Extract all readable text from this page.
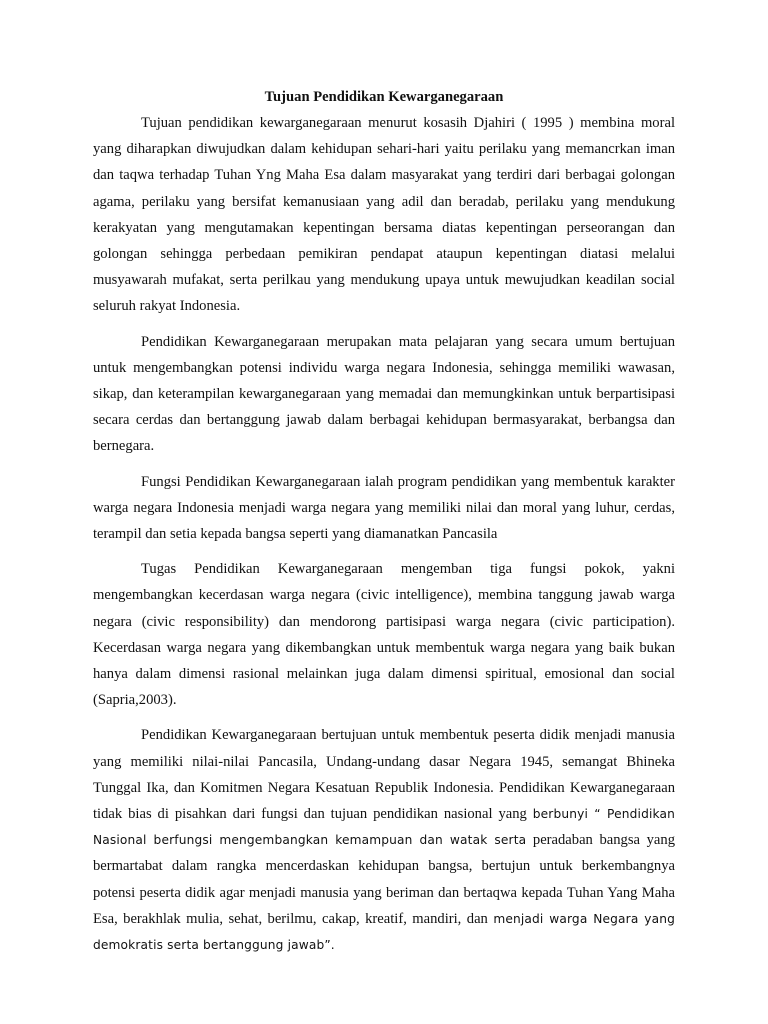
Tujuan Pendidikan Kewarganegaraan

Tujuan pendidikan kewarganegaraan menurut kosasih Djahiri ( 1995 ) membina moral yang diharapkan diwujudkan dalam kehidupan sehari-hari yaitu perilaku yang memancrkan iman dan taqwa terhadap Tuhan Yng Maha Esa dalam masyarakat yang terdiri dari berbagai golongan agama, perilaku yang bersifat kemanusiaan yang adil dan beradab, perilaku yang mendukung kerakyatan yang mengutamakan kepentingan bersama diatas kepentingan perseorangan dan golongan sehingga perbedaan pemikiran pendapat ataupun kepentingan diatasi melalui musyawarah mufakat, serta perilkau yang mendukung upaya untuk mewujudkan keadilan social seluruh rakyat Indonesia.

Pendidikan Kewarganegaraan merupakan mata pelajaran yang secara umum bertujuan untuk mengembangkan potensi individu warga negara Indonesia, sehingga memiliki wawasan, sikap, dan keterampilan kewarganegaraan yang memadai dan memungkinkan untuk berpartisipasi secara cerdas dan bertanggung jawab dalam berbagai kehidupan bermasyarakat, berbangsa dan bernegara.

Fungsi Pendidikan Kewarganegaraan ialah program pendidikan yang membentuk karakter warga negara Indonesia menjadi warga negara yang memiliki nilai dan moral yang luhur, cerdas, terampil dan setia kepada bangsa seperti yang diamanatkan Pancasila

Tugas Pendidikan Kewarganegaraan mengemban tiga fungsi pokok, yakni mengembangkan kecerdasan warga negara (civic intelligence), membina tanggung jawab warga negara (civic responsibility) dan mendorong partisipasi warga negara (civic participation). Kecerdasan warga negara yang dikembangkan untuk membentuk warga negara yang baik bukan hanya dalam dimensi rasional melainkan juga dalam dimensi spiritual, emosional dan social (Sapria,2003).

Pendidikan Kewarganegaraan bertujuan untuk membentuk peserta didik menjadi manusia yang memiliki nilai-nilai Pancasila, Undang-undang dasar Negara 1945, semangat Bhineka Tunggal Ika, dan Komitmen Negara Kesatuan Republik Indonesia. Pendidikan Kewarganegaraan tidak bias di pisahkan dari fungsi dan tujuan pendidikan nasional yang berbunyi “ Pendidikan Nasional berfungsi mengembangkan kemampuan dan watak serta peradaban bangsa yang bermartabat dalam rangka mencerdaskan kehidupan bangsa, bertujun untuk berkembangnya potensi peserta didik agar menjadi manusia yang beriman dan bertaqwa kepada Tuhan Yang Maha Esa, berakhlak mulia, sehat, berilmu, cakap, kreatif, mandiri, dan menjadi warga Negara yang demokratis serta bertanggung jawab”.
